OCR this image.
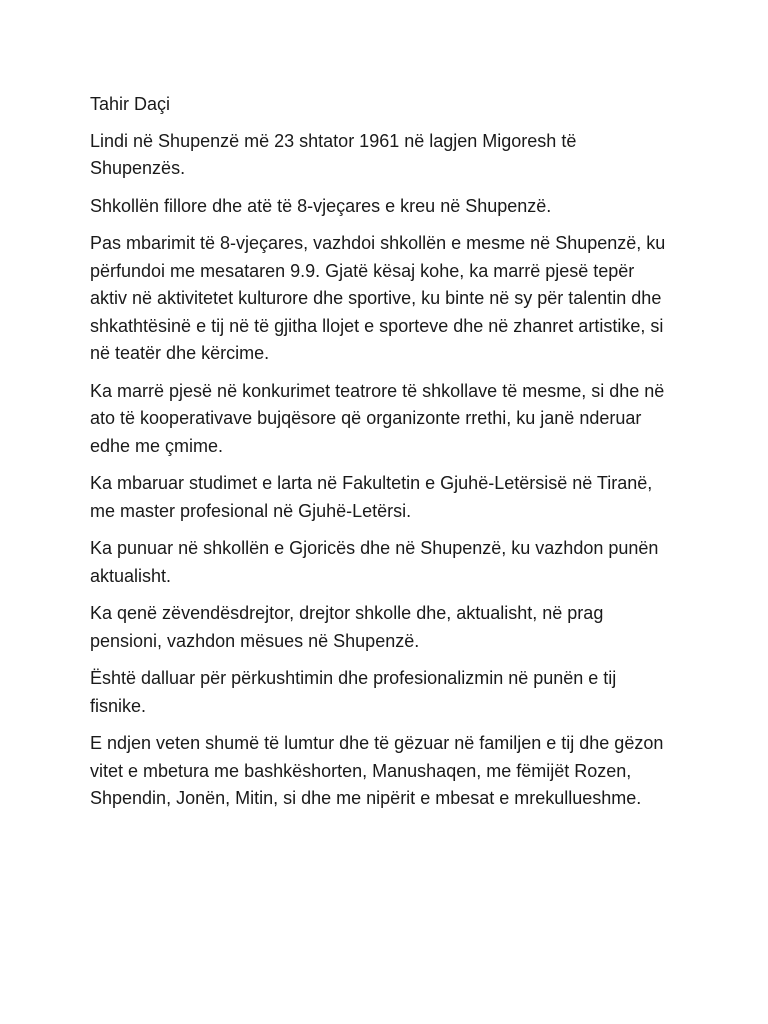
Tahir Daçi

Lindi në Shupenzë më 23 shtator 1961 në lagjen Migoresh të Shupenzës.

Shkollën fillore dhe atë të 8-vjeçares e kreu në Shupenzë.

Pas mbarimit të 8-vjeçares, vazhdoi shkollën e mesme në Shupenzë, ku përfundoi me mesataren 9.9. Gjatë kësaj kohe, ka marrë pjesë tepër aktiv në aktivitetet kulturore dhe sportive, ku binte në sy për talentin dhe shkathtësinë e tij në të gjitha llojet e sporteve dhe në zhanret artistike, si në teatër dhe kërcime.

Ka marrë pjesë në konkurimet teatrore të shkollave të mesme, si dhe në ato të kooperativave bujqësore që organizonte rrethi, ku janë nderuar edhe me çmime.

Ka mbaruar studimet e larta në Fakultetin e Gjuhë-Letërsisë në Tiranë, me master profesional në Gjuhë-Letërsi.

Ka punuar në shkollën e Gjoricës dhe në Shupenzë, ku vazhdon punën aktualisht.

Ka qenë zëvendësdrejtor, drejtor shkolle dhe, aktualisht, në prag pensioni, vazhdon mësues në Shupenzë.

Është dalluar për përkushtimin dhe profesionalizmin në punën e tij fisnike.

E ndjen veten shumë të lumtur dhe të gëzuar në familjen e tij dhe gëzon vitet e mbetura me bashkëshorten, Manushaqen, me fëmijët Rozen, Shpendin, Jonën, Mitin, si dhe me nipërit e mbesat e mrekullueshme.
